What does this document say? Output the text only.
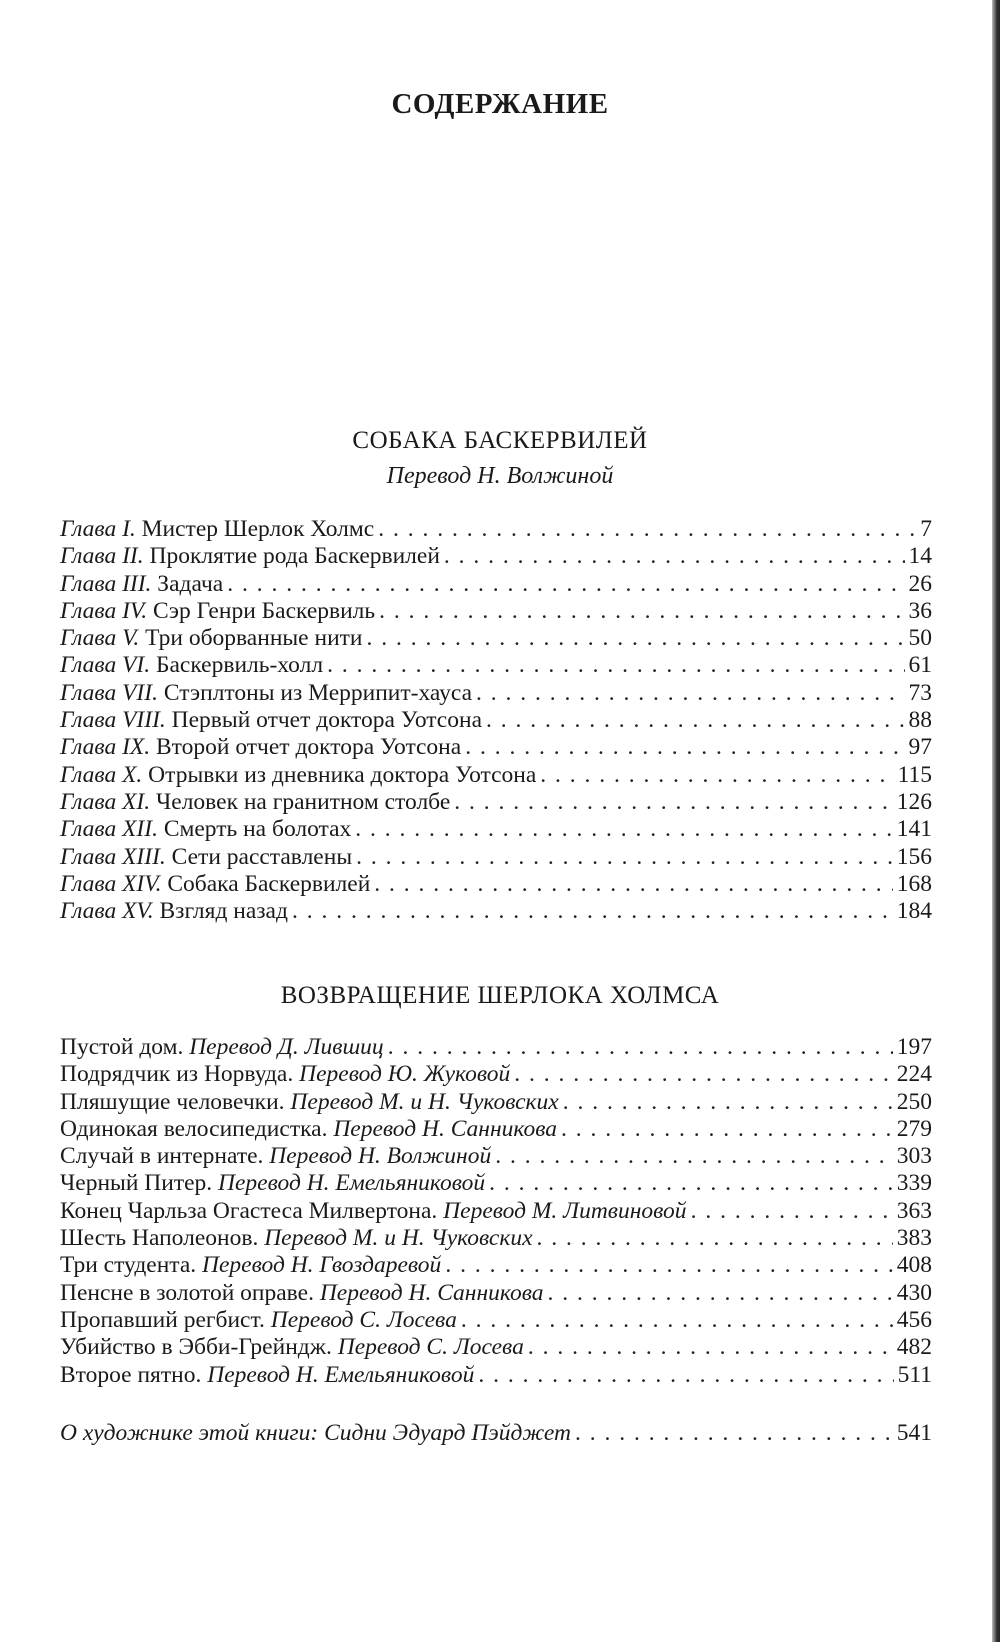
СОДЕРЖАНИЕ
СОБАКА БАСКЕРВИЛЕЙ
Перевод Н. Волжиной
Глава I. Мистер Шерлок Холмс . . .	7
Глава II. Проклятие рода Баскервилей . . .	14
Глава III. Задача . . .	26
Глава IV. Сэр Генри Баскервиль . . .	36
Глава V. Три оборванные нити . . .	50
Глава VI. Баскервиль-холл . . .	61
Глава VII. Стэплтоны из Меррипит-хауса . . .	73
Глава VIII. Первый отчет доктора Уотсона . . .	88
Глава IX. Второй отчет доктора Уотсона . . .	97
Глава X. Отрывки из дневника доктора Уотсона . . .	115
Глава XI. Человек на гранитном столбе . . .	126
Глава XII. Смерть на болотах . . .	141
Глава XIII. Сети расставлены . . .	156
Глава XIV. Собака Баскервилей . . .	168
Глава XV. Взгляд назад . . .	184
ВОЗВРАЩЕНИЕ ШЕРЛОКА ХОЛМСА
Пустой дом. Перевод Д. Лившиц . . .	197
Подрядчик из Норвуда. Перевод Ю. Жуковой . . .	224
Пляшущие человечки. Перевод М. и Н. Чуковских . . .	250
Одинокая велосипедистка. Перевод Н. Санникова . . .	279
Случай в интернате. Перевод Н. Волжиной . . .	303
Черный Питер. Перевод Н. Емельяниковой . . .	339
Конец Чарльза Огастеса Милвертона. Перевод М. Литвиновой . . .	363
Шесть Наполеонов. Перевод М. и Н. Чуковских . . .	383
Три студента. Перевод Н. Гвоздаревой . . .	408
Пенсне в золотой оправе. Перевод Н. Санникова . . .	430
Пропавший регбист. Перевод С. Лосева . . .	456
Убийство в Эбби-Грейндж. Перевод С. Лосева . . .	482
Второе пятно. Перевод Н. Емельяниковой . . .	511
О художнике этой книги: Сидни Эдуард Пэйджет . . .	541
